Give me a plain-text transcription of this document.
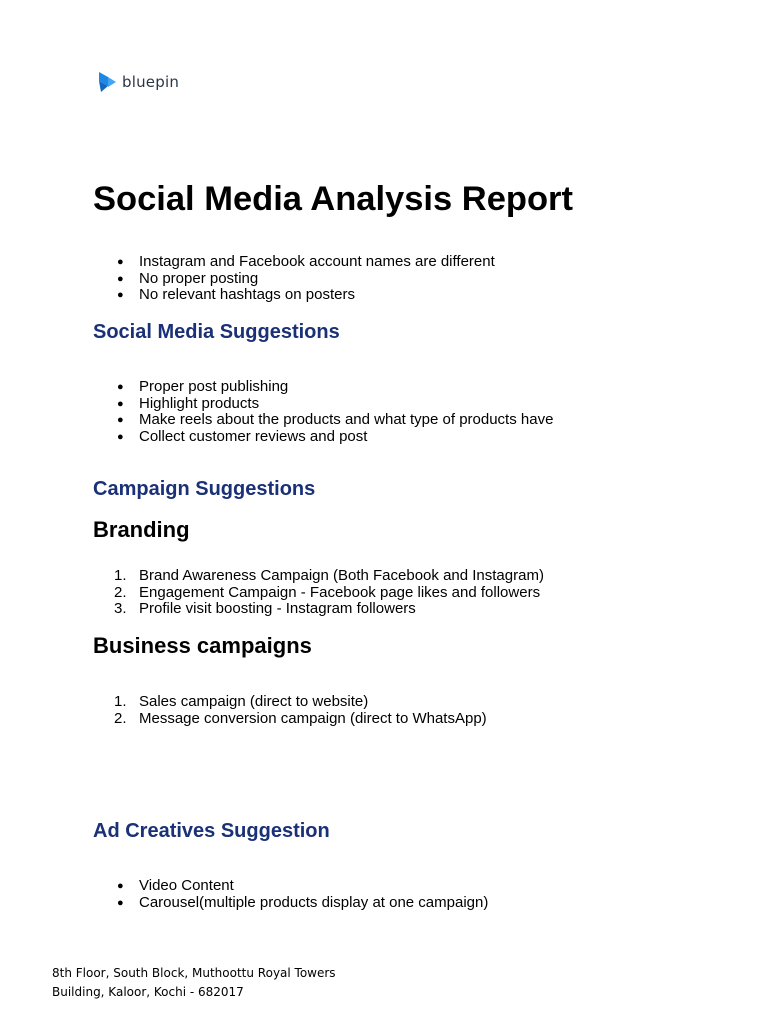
bluepin
Social Media Analysis Report
● Instagram and Facebook account names are different
● No proper posting
● No relevant hashtags on posters
Social Media Suggestions
● Proper post publishing
● Highlight products
● Make reels about the products and what type of products have
● Collect customer reviews and post
Campaign Suggestions
Branding
1. Brand Awareness Campaign (Both Facebook and Instagram)
2. Engagement Campaign - Facebook page likes and followers
3. Profile visit boosting - Instagram followers
Business campaigns
1. Sales campaign (direct to website)
2. Message conversion campaign (direct to WhatsApp)
Ad Creatives Suggestion
● Video Content
● Carousel(multiple products display at one campaign)
8th Floor, South Block, Muthoottu Royal Towers
Building, Kaloor, Kochi - 682017
